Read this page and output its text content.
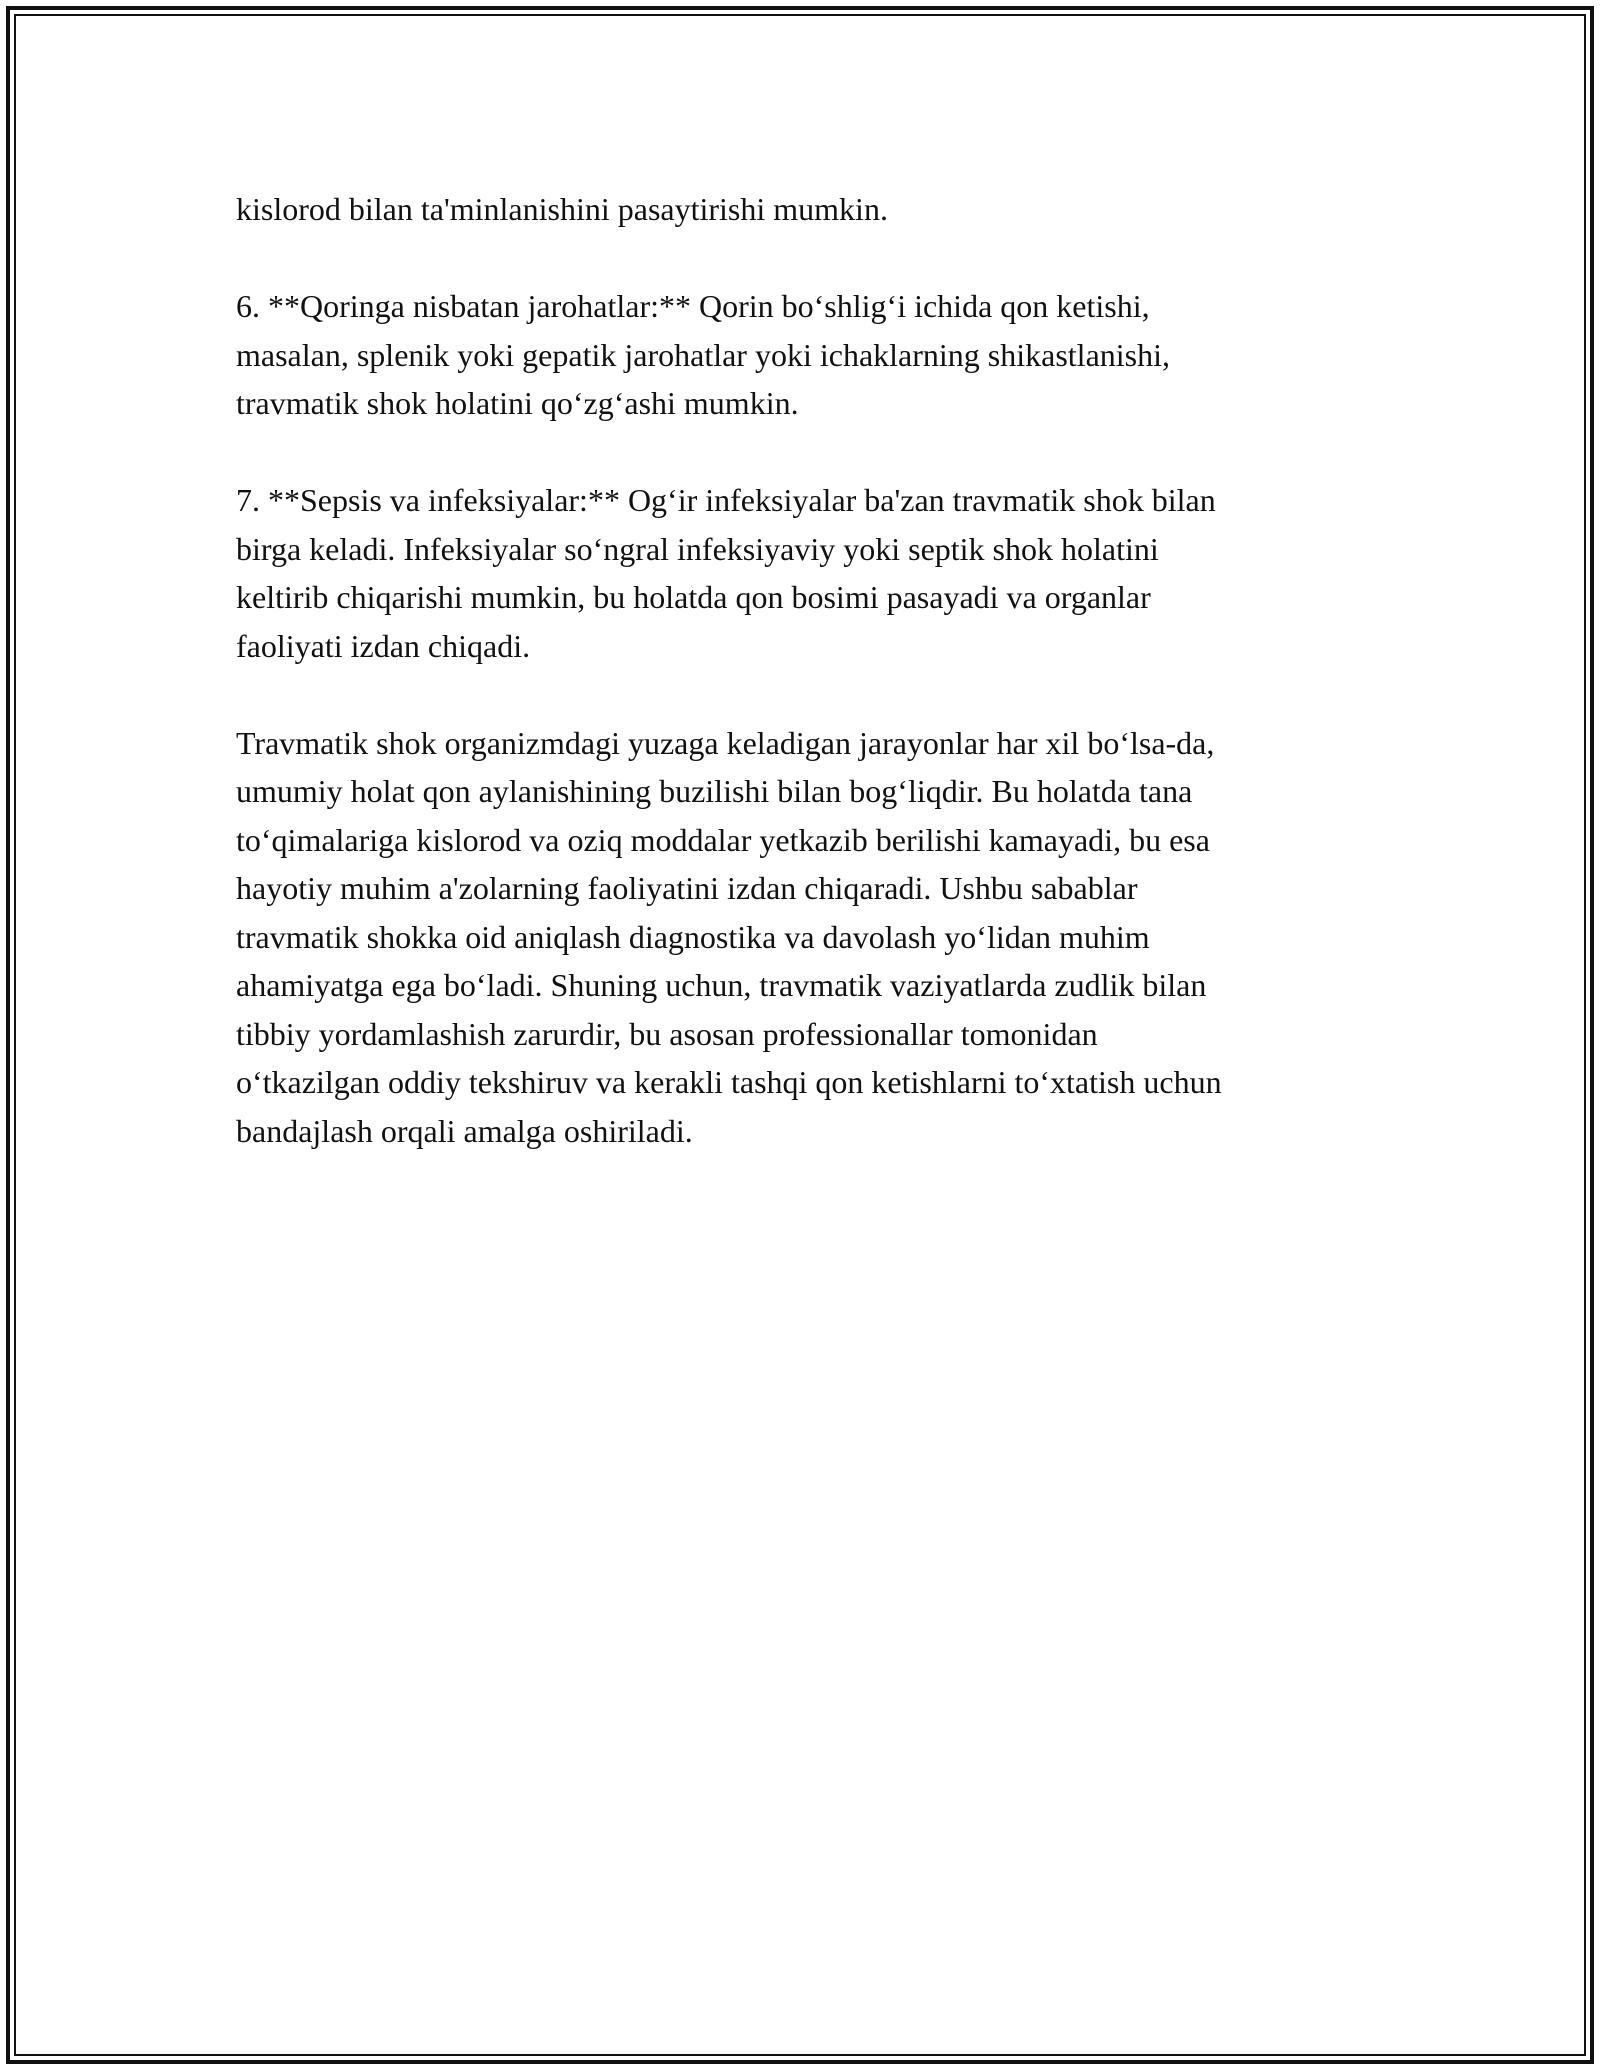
kislorod bilan ta'minlanishini pasaytirishi mumkin.

6. **Qoringa nisbatan jarohatlar:** Qorin bo‘shlig‘i ichida qon ketishi,
masalan, splenik yoki gepatik jarohatlar yoki ichaklarning shikastlanishi,
travmatik shok holatini qo‘zg‘ashi mumkin.

7. **Sepsis va infeksiyalar:** Og‘ir infeksiyalar ba'zan travmatik shok bilan
birga keladi. Infeksiyalar so‘ngral infeksiyaviy yoki septik shok holatini
keltirib chiqarishi mumkin, bu holatda qon bosimi pasayadi va organlar
faoliyati izdan chiqadi.

Travmatik shok organizmdagi yuzaga keladigan jarayonlar har xil bo‘lsa-da,
umumiy holat qon aylanishining buzilishi bilan bog‘liqdir. Bu holatda tana
to‘qimalariga kislorod va oziq moddalar yetkazib berilishi kamayadi, bu esa
hayotiy muhim a'zolarning faoliyatini izdan chiqaradi. Ushbu sabablar
travmatik shokka oid aniqlash diagnostika va davolash yo‘lidan muhim
ahamiyatga ega bo‘ladi. Shuning uchun, travmatik vaziyatlarda zudlik bilan
tibbiy yordamlashish zarurdir, bu asosan professionallar tomonidan
o‘tkazilgan oddiy tekshiruv va kerakli tashqi qon ketishlarni to‘xtatish uchun
bandajlash orqali amalga oshiriladi.
